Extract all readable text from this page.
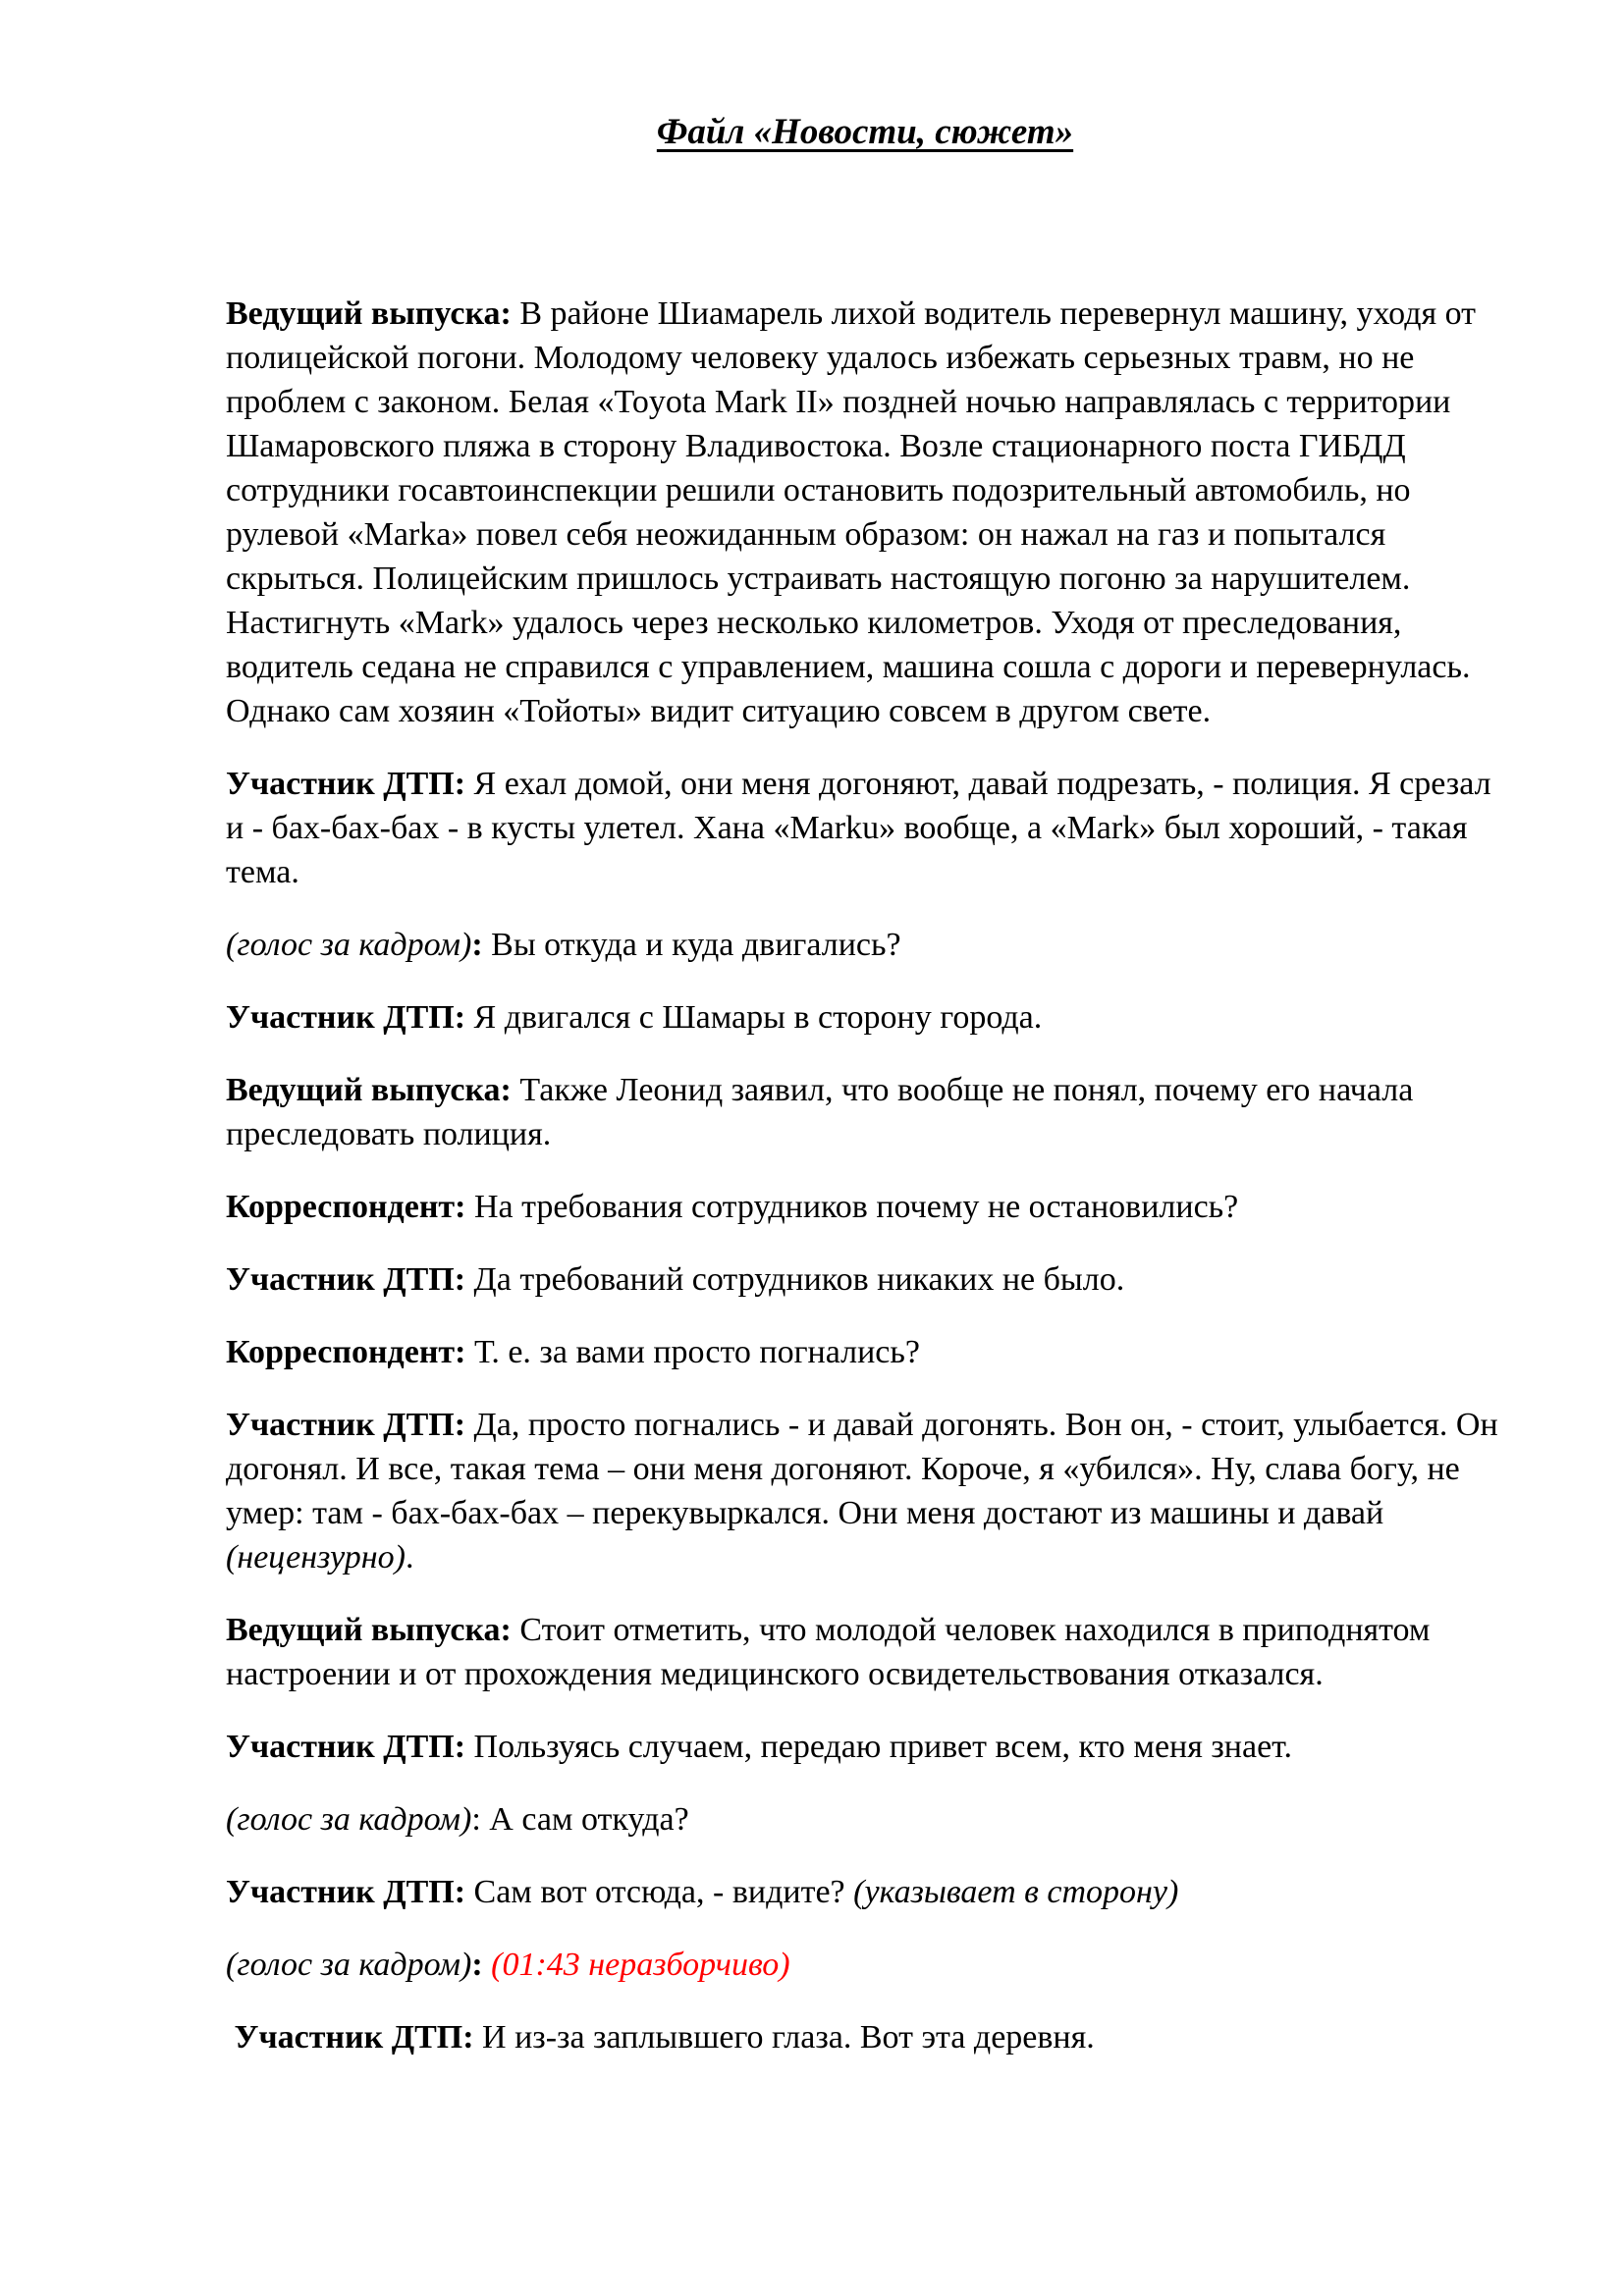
Файл «Новости, сюжет»

Ведущий выпуска: В районе Шиамарель лихой водитель перевернул машину, уходя от полицейской погони. Молодому человеку удалось избежать серьезных травм, но не проблем с законом. Белая «Toyota Mark II» поздней ночью направлялась с территории Шамаровского пляжа в сторону Владивостока. Возле стационарного поста ГИБДД сотрудники госавтоинспекции решили остановить подозрительный автомобиль, но рулевой «Marka» повел себя неожиданным образом: он нажал на газ и попытался скрыться. Полицейским пришлось устраивать настоящую погоню за нарушителем. Настигнуть «Mark» удалось через несколько километров. Уходя от преследования, водитель седана не справился с управлением, машина сошла с дороги и перевернулась. Однако сам хозяин «Тойоты» видит ситуацию совсем в другом свете.

Участник ДТП: Я ехал домой, они меня догоняют, давай подрезать, - полиция. Я срезал и - бах-бах-бах - в кусты улетел. Хана «Marku» вообще, а «Mark» был хороший, - такая тема.

(голос за кадром): Вы откуда и куда двигались?

Участник ДТП: Я двигался с Шамары в сторону города.

Ведущий выпуска: Также Леонид заявил, что вообще не понял, почему его начала преследовать полиция.

Корреспондент: На требования сотрудников почему не остановились?

Участник ДТП: Да требований сотрудников никаких не было.

Корреспондент: Т. е. за вами просто погнались?

Участник ДТП: Да, просто погнались - и давай догонять. Вон он, - стоит, улыбается. Он догонял. И все, такая тема – они меня догоняют. Короче, я «убился». Ну, слава богу, не умер: там - бах-бах-бах – перекувыркался. Они меня достают из машины и давай (нецензурно).

Ведущий выпуска: Стоит отметить, что молодой человек находился в приподнятом настроении и от прохождения медицинского освидетельствования отказался.

Участник ДТП: Пользуясь случаем, передаю привет всем, кто меня знает.

(голос за кадром): А сам откуда?

Участник ДТП: Сам вот отсюда, - видите? (указывает в сторону)

(голос за кадром): (01:43 неразборчиво)

Участник ДТП: И из-за заплывшего глаза. Вот эта деревня.
